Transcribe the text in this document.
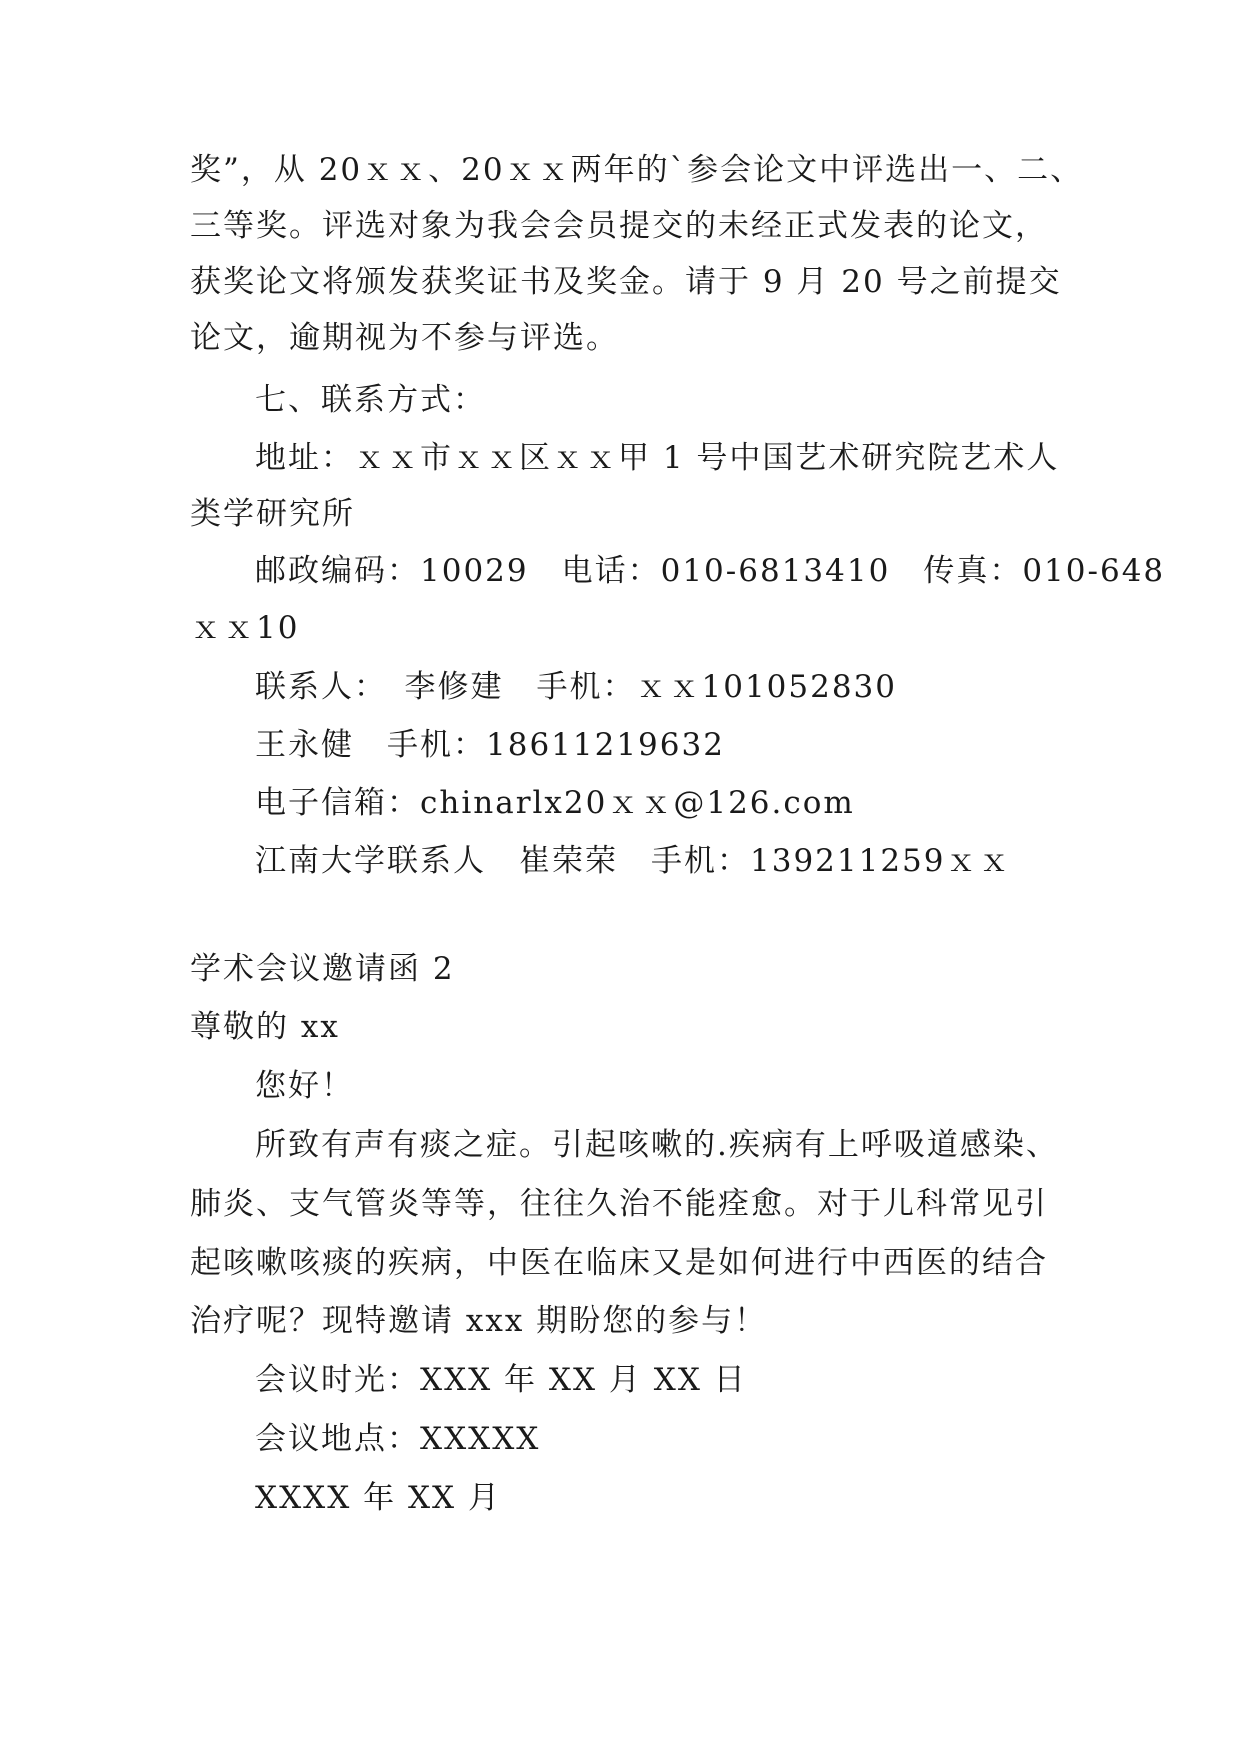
奖”，从 20ｘｘ、20ｘｘ两年的`参会论文中评选出一、二、
三等奖。评选对象为我会会员提交的未经正式发表的论文，
获奖论文将颁发获奖证书及奖金。请于 9 月 20 号之前提交
论文，逾期视为不参与评选。
七、联系方式：
地址：ｘｘ市ｘｘ区ｘｘ甲 1 号中国艺术研究院艺术人
类学研究所
邮政编码：10029　电话：010-6813410　传真：010-648
ｘｘ10
联系人：　李修建　手机：ｘｘ101052830
王永健　手机：18611219632
电子信箱：chinarlx20ｘｘ@126.com
江南大学联系人　崔荣荣　手机：139211259ｘｘ
学术会议邀请函 2
尊敬的 xx
您好！
所致有声有痰之症。引起咳嗽的.疾病有上呼吸道感染、
肺炎、支气管炎等等，往往久治不能痊愈。对于儿科常见引
起咳嗽咳痰的疾病，中医在临床又是如何进行中西医的结合
治疗呢？现特邀请 xxx 期盼您的参与！
会议时光：XXX 年 XX 月 XX 日
会议地点：XXXXX
XXXX 年 XX 月
